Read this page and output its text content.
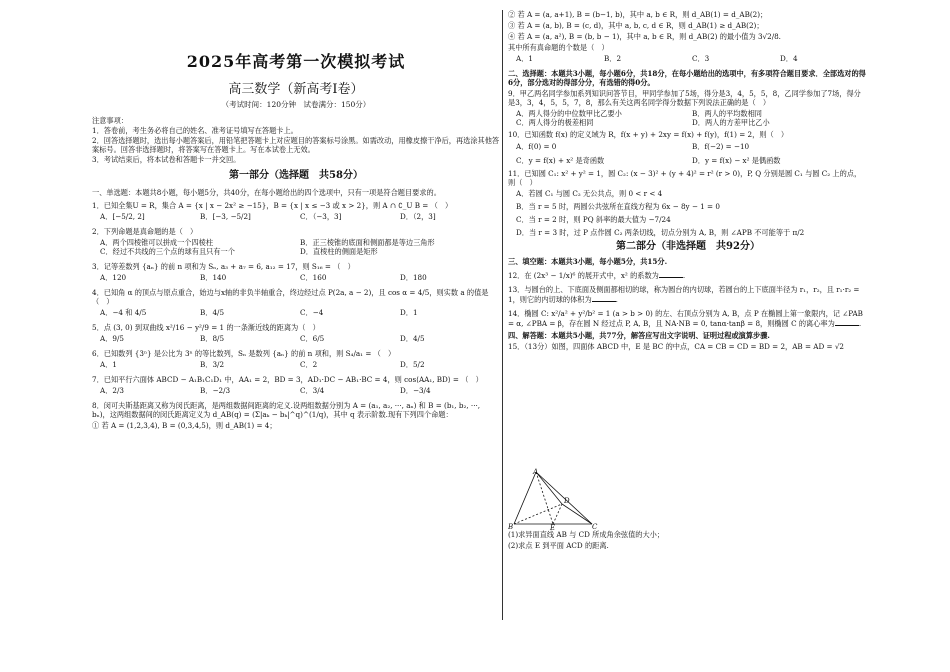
2025年高考第一次模拟考试
高三数学（新高考Ⅰ卷）
（考试时间：120分钟　试卷满分：150分）

注意事项：

1．答卷前，考生务必将自己的姓名、准考证号填写在答题卡上。

2．回答选择题时，选出每小题答案后，用铅笔把答题卡上对应题目的答案标号涂黑。如需改动，用橡皮擦干净后，再选涂其他答案标号。回答非选择题时，将答案写在答题卡上。写在本试卷上无效。

3．考试结束后，将本试卷和答题卡一并交回。

第一部分（选择题　共58分）
一、单选题：本题共8小题，每小题5分，共40分，在每小题给出的四个选项中，只有一项是符合题目要求的。
1．已知全集U = R，集合 A = {x | x − 2x² ≥ −15}，B = {x | x ≤ −3 或 x > 2}，则 A ∩ ∁_U B = （　）
A．[−5/2, 2]	B．[−3, −5/2]	C．（−3，3]	D．（2，3]
2．下列命题是真命题的是（　）
A．两个四棱锥可以拼成一个四棱柱	B．正三棱锥的底面和侧面都是等边三角形
C．经过不共线的三个点的球有且只有一个	D．直棱柱的侧面是矩形
3．记等差数列 {aₙ} 的前 n 项和为 Sₙ, a₃ + a₇ = 6, a₁₂ = 17，则 S₁₆ = （　）
A．120	B．140	C．160	D．180
4．已知角 α 的顶点与原点重合，始边与x轴的非负半轴重合，终边经过点 P(2a, a − 2)，且 cos α = 4/5，则实数 a 的值是（　）
A．−4 和 4/5	B．4/5	C．−4	D．1
5．点 (3, 0) 到双曲线 x²/16 − y²/9 = 1 的一条渐近线的距离为（　）
A．9/5	B．8/5	C．6/5	D．4/5
6．已知数列 {3ⁿ} 是公比为 3ⁿ 的等比数列，Sₙ 是数列 {aₙ} 的前 n 项和，则 S₄/a₁ = （　）
A．1	B．3/2	C．2	D．5/2
7．已知平行六面体 ABCD − A₁B₁C₁D₁ 中，AA₁ = 2，BD = 3，AD₁·DC − AB₁·BC = 4，则 cos⟨AA₁, BD⟩ = （　）
A．2/3	B．−2/3	C．3/4	D．−3/4
8．闵可夫斯基距离又称为闵氏距离，是两组数据间距离的定义.设两组数据分别为 A = (a₁, a₂, ···, aₙ) 和 B = (b₁, b₂, ···, bₙ)，这两组数据间的闵氏距离定义为 d_AB(q) = (Σ|aₖ − bₖ|^q)^(1/q)，其中 q 表示阶数.现有下列四个命题：
① 若 A = (1,2,3,4), B = (0,3,4,5)，则 d_AB(1) = 4；
② 若 A = (a, a+1), B = (b−1, b)，其中 a, b ∈ R，则 d_AB(1) = d_AB(2)；
③ 若 A = (a, b), B = (c, d)，其中 a, b, c, d ∈ R，则 d_AB(1) ≥ d_AB(2)；
④ 若 A = (a, a²), B = (b, b − 1)，其中 a, b ∈ R，则 d_AB(2) 的最小值为 3√2/8.
其中所有真命题的个数是（　）
A．1	B．2	C．3	D．4
二、选择题：本题共3小题，每小题6分，共18分，在每小题给出的选项中，有多项符合题目要求．全部选对的得6分，部分选对的得部分分，有选错的得0分。
9．甲乙两名同学参加系列知识问答节目，甲同学参加了5场，得分是3，4，5，5，8，乙同学参加了7场，得分是3，3，4，5，5，7，8，那么有关这两名同学得分数据下列说法正确的是（　）
A．两人得分的中位数甲比乙要小	B．两人的平均数相同
C．两人得分的极差相同	D．两人的方差甲比乙小
10．已知函数 f(x) 的定义域为 R，f(x + y) + 2xy = f(x) + f(y)，f(1) = 2，则（　）
A．f(0) = 0	B．f(−2) = −10
C．y = f(x) + x² 是奇函数	D．y = f(x) − x² 是偶函数
11．已知圆 C₁: x² + y² = 1，圆 C₂: (x − 3)² + (y + 4)² = r² (r > 0)，P, Q 分别是圆 C₁ 与圆 C₂ 上的点，则（　）
A．若圆 C₁ 与圆 C₂ 无公共点，则 0 < r < 4
B．当 r = 5 时，两圆公共弦所在直线方程为 6x − 8y − 1 = 0
C．当 r = 2 时，则 PQ 斜率的最大值为 −7/24
D．当 r = 3 时，过 P 点作圆 C₂ 两条切线，切点分别为 A, B，则 ∠APB 不可能等于 π/2
第二部分（非选择题　共92分）
三、填空题：本题共3小题，每小题5分，共15分.
12．在 (2x³ − 1/x)⁶ 的展开式中，x² 的系数为	.
13．与圆台的上、下底面及侧面都相切的球，称为圆台的内切球，若圆台的上下底面半径为 r₁，r₂，且 r₁·r₂ = 1，则它的内切球的体积为	.
14．椭圆 C: x²/a² + y²/b² = 1 (a > b > 0) 的左、右顶点分别为 A, B，点 P 在椭圆上第一象限内，记 ∠PAB = α, ∠PBA = β，存在圆 N 经过点 P, A, B，且 NA·NB = 0, tanα·tanβ = 8，则椭圆 C 的离心率为	.
四、解答题：本题共5小题，共77分，解答应写出文字说明、证明过程或演算步骤.
15．（13分）如图，四面体 ABCD 中，E 是 BC 的中点，CA = CB = CD = BD = 2，AB = AD = √2
A
B	C
D
E
(1)求异面直线 AB 与 CD 所成角余弦值的大小；
(2)求点 E 到平面 ACD 的距离.
